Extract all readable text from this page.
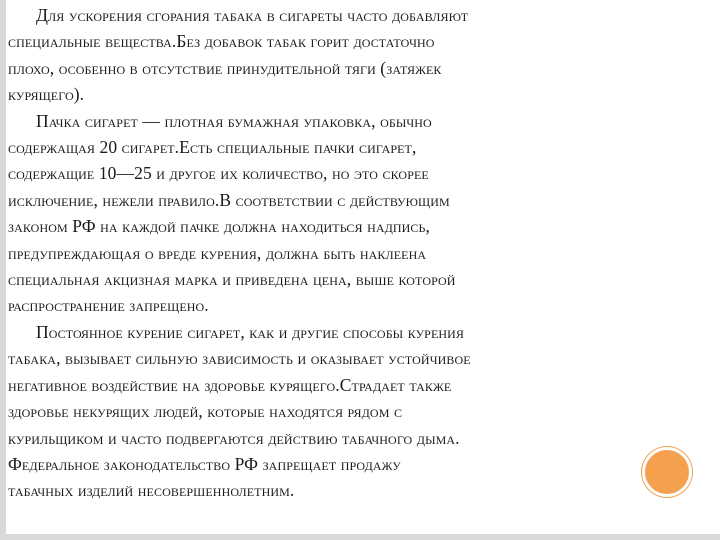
Для ускорения сгорания табака в сигареты часто добавляют
специальные вещества.Без добавок табак горит достаточно
плохо, особенно в отсутствие принудительной тяги (затяжек
курящего).

Пачка сигарет — плотная бумажная упаковка, обычно
содержащая 20 сигарет.Есть специальные пачки сигарет,
содержащие 10—25 и другое их количество, но это скорее
исключение, нежели правило.В соответствии с действующим
законом РФ на каждой пачке должна находиться надпись,
предупреждающая о вреде курения, должна быть наклеена
специальная акцизная марка и приведена цена, выше которой
распространение запрещено.

Постоянное курение сигарет, как и другие способы курения
табака, вызывает сильную зависимость и оказывает устойчивое
негативное воздействие на здоровье курящего.Страдает также
здоровье некурящих людей, которые находятся рядом с
курильщиком и часто подвергаются действию табачного дыма.
Федеральное законодательство РФ запрещает продажу
табачных изделий несовершеннолетним.
